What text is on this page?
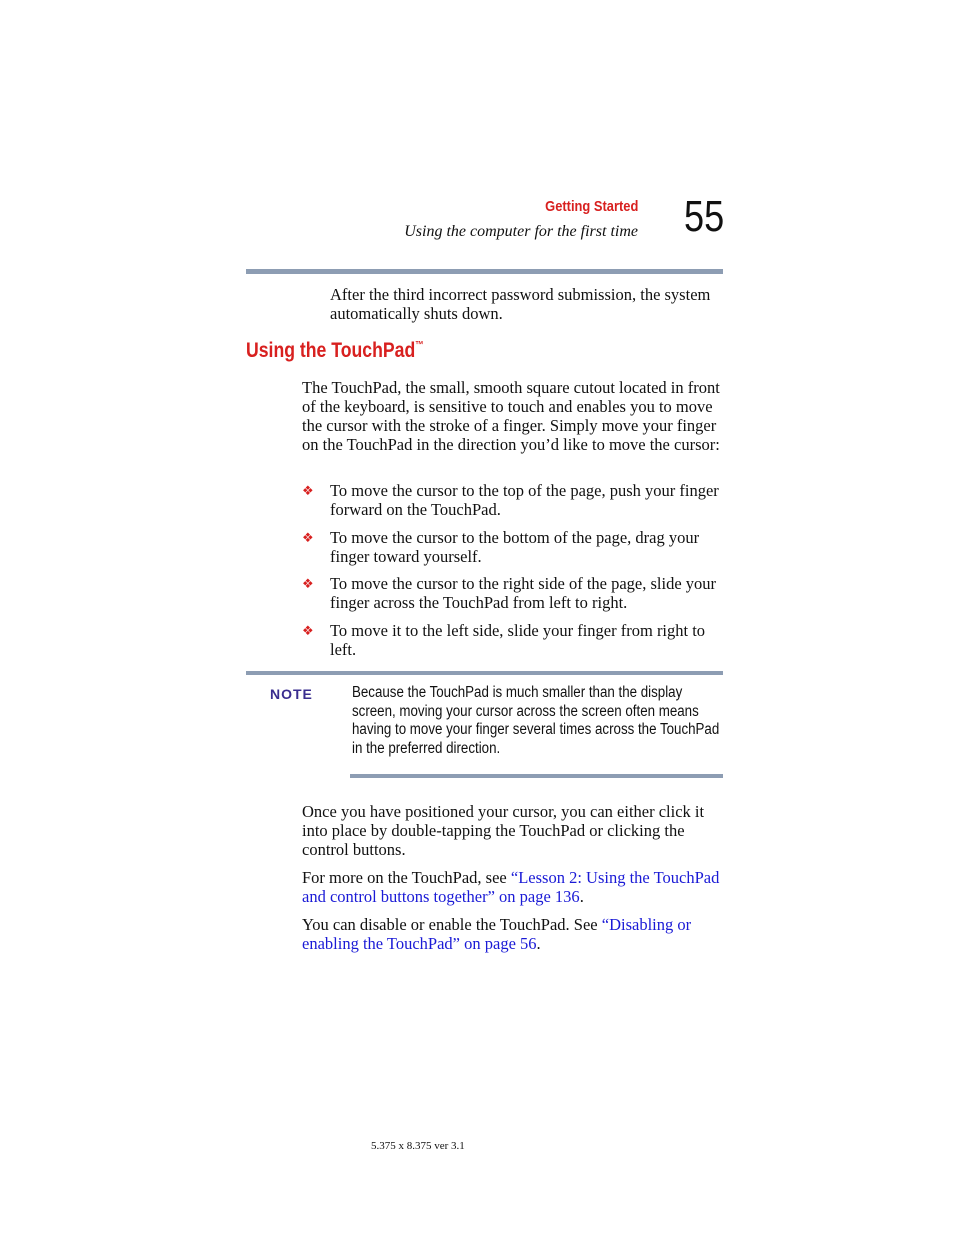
Getting Started
Using the computer for the first time 55

After the third incorrect password submission, the system automatically shuts down.

Using the TouchPad™

The TouchPad, the small, smooth square cutout located in front of the keyboard, is sensitive to touch and enables you to move the cursor with the stroke of a finger. Simply move your finger on the TouchPad in the direction you’d like to move the cursor:

❖ To move the cursor to the top of the page, push your finger forward on the TouchPad.

❖ To move the cursor to the bottom of the page, drag your finger toward yourself.

❖ To move the cursor to the right side of the page, slide your finger across the TouchPad from left to right.

❖ To move it to the left side, slide your finger from right to left.

NOTE	Because the TouchPad is much smaller than the display screen, moving your cursor across the screen often means having to move your finger several times across the TouchPad in the preferred direction.

Once you have positioned your cursor, you can either click it into place by double-tapping the TouchPad or clicking the control buttons.

For more on the TouchPad, see “Lesson 2: Using the TouchPad and control buttons together” on page 136.

You can disable or enable the TouchPad. See “Disabling or enabling the TouchPad” on page 56.

5.375 x 8.375 ver 3.1
